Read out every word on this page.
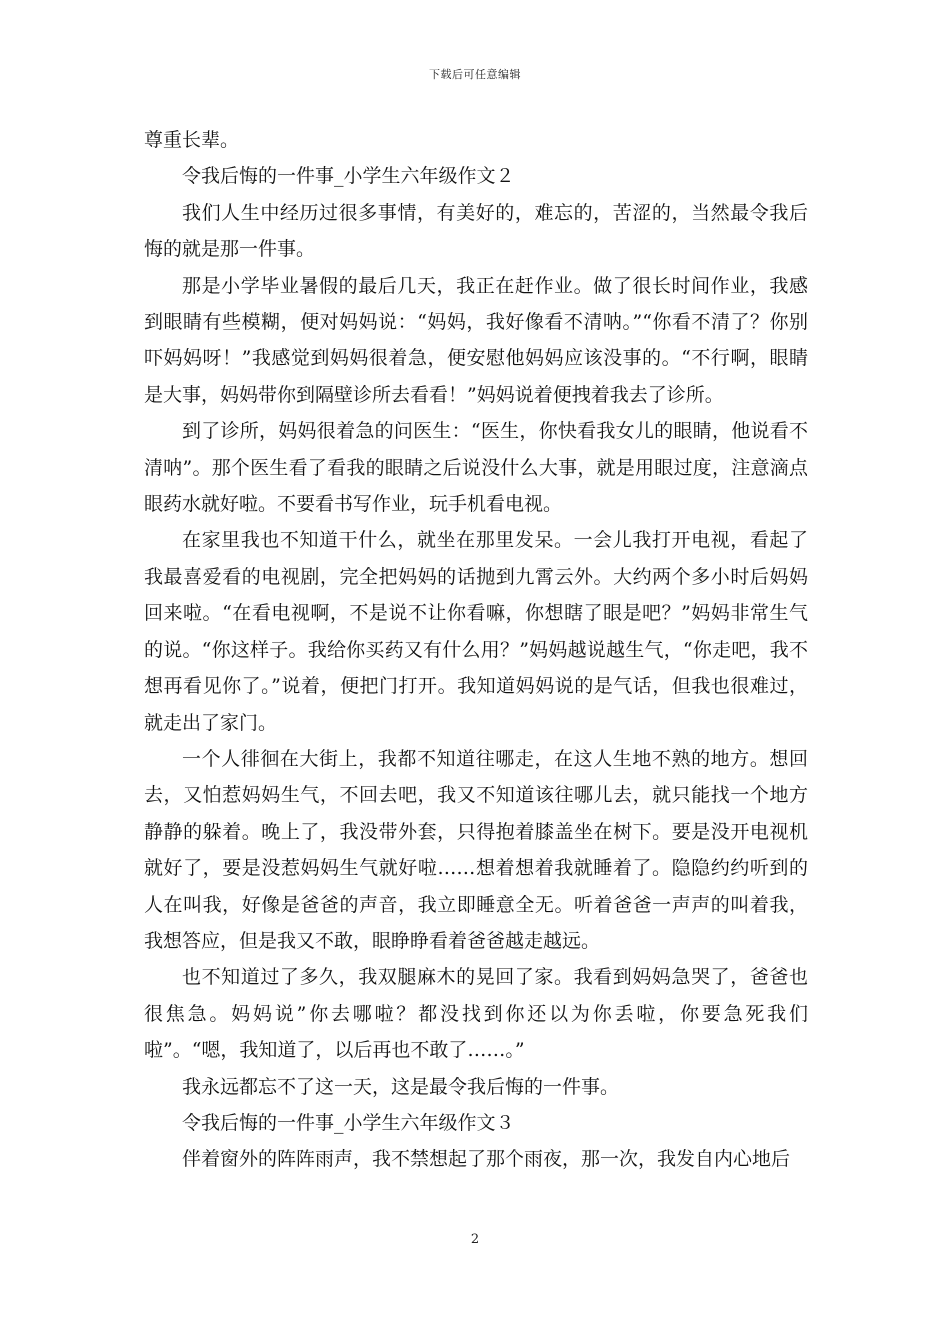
下载后可任意编辑

尊重长辈。

令我后悔的一件事_小学生六年级作文２

我们人生中经历过很多事情，有美好的，难忘的，苦涩的，当然最令我后悔的就是那一件事。

那是小学毕业暑假的最后几天，我正在赶作业。做了很长时间作业，我感到眼睛有些模糊，便对妈妈说：“妈妈，我好像看不清呐。”“你看不清了？你别吓妈妈呀！”我感觉到妈妈很着急，便安慰他妈妈应该没事的。“不行啊，眼睛是大事，妈妈带你到隔壁诊所去看看！”妈妈说着便拽着我去了诊所。

到了诊所，妈妈很着急的问医生：“医生，你快看我女儿的眼睛，他说看不清呐”。那个医生看了看我的眼睛之后说没什么大事，就是用眼过度，注意滴点眼药水就好啦。不要看书写作业，玩手机看电视。

在家里我也不知道干什么，就坐在那里发呆。一会儿我打开电视，看起了我最喜爱看的电视剧，完全把妈妈的话抛到九霄云外。大约两个多小时后妈妈回来啦。“在看电视啊，不是说不让你看嘛，你想瞎了眼是吧？”妈妈非常生气的说。“你这样子。我给你买药又有什么用？”妈妈越说越生气，“你走吧，我不想再看见你了。”说着，便把门打开。我知道妈妈说的是气话，但我也很难过，就走出了家门。

一个人徘徊在大街上，我都不知道往哪走，在这人生地不熟的地方。想回去，又怕惹妈妈生气，不回去吧，我又不知道该往哪儿去，就只能找一个地方静静的躲着。晚上了，我没带外套，只得抱着膝盖坐在树下。要是没开电视机就好了，要是没惹妈妈生气就好啦……想着想着我就睡着了。隐隐约约听到的人在叫我，好像是爸爸的声音，我立即睡意全无。听着爸爸一声声的叫着我，我想答应，但是我又不敢，眼睁睁看着爸爸越走越远。

也不知道过了多久，我双腿麻木的晃回了家。我看到妈妈急哭了，爸爸也很焦急。妈妈说”你去哪啦？都没找到你还以为你丢啦，你要急死我们啦”。“嗯，我知道了，以后再也不敢了……。”

我永远都忘不了这一天，这是最令我后悔的一件事。

令我后悔的一件事_小学生六年级作文３

伴着窗外的阵阵雨声，我不禁想起了那个雨夜，那一次，我发自内心地后

2
